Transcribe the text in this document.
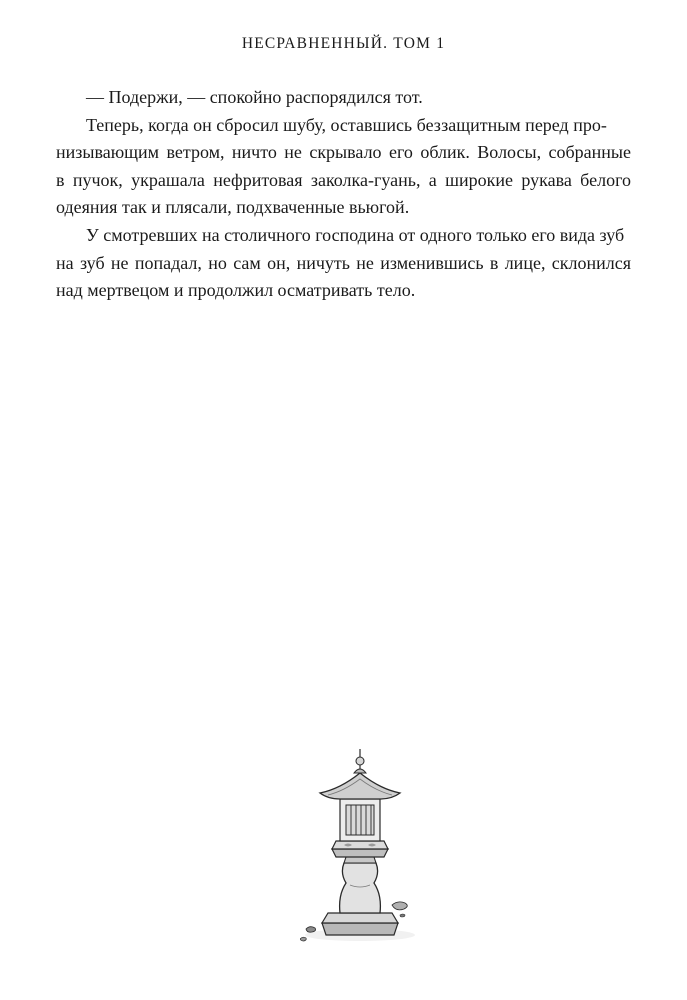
НЕСРАВНЕННЫЙ. ТОМ 1

— Подержи, — спокойно распорядился тот.

Теперь, когда он сбросил шубу, оставшись беззащитным перед про-
низывающим ветром, ничто не скрывало его облик. Волосы, собранные
в пучок, украшала нефритовая заколка-гуань, а широкие рукава белого
одеяния так и плясали, подхваченные вьюгой.

У смотревших на столичного господина от одного только его вида зуб
на зуб не попадал, но сам он, ничуть не изменившись в лице, склонился
над мертвецом и продолжил осматривать тело.
